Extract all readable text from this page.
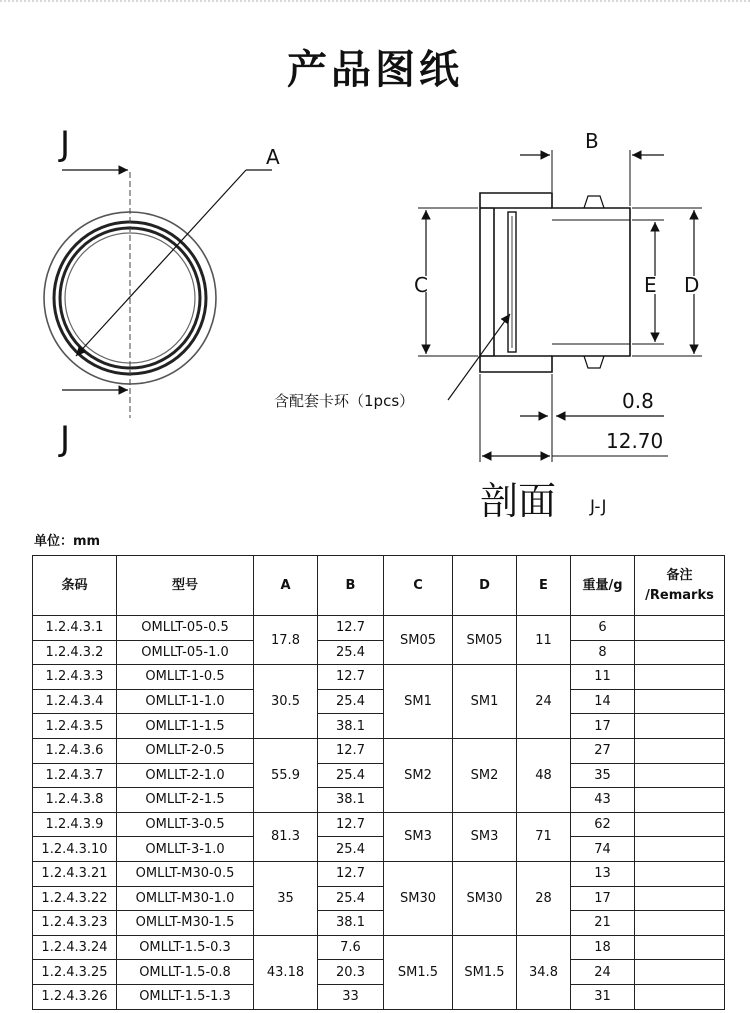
产品图纸
J
J
A
B
C	E D
含配套卡环（1pcs）	0.8
12.70
剖面 J-J
单位：mm
条码	型号	A	B	C	D	E	重量/g	备注
/Remarks
1.2.4.3.1	OMLLT-05-0.5	17.8	12.7	SM05	SM05	11	6	
1.2.4.3.2	OMLLT-05-1.0		25.4				8	
1.2.4.3.3	OMLLT-1-0.5	30.5	12.7	SM1	SM1	24	11	
1.2.4.3.4	OMLLT-1-1.0		25.4				14	
1.2.4.3.5	OMLLT-1-1.5		38.1				17	
1.2.4.3.6	OMLLT-2-0.5	55.9	12.7	SM2	SM2	48	27	
1.2.4.3.7	OMLLT-2-1.0		25.4				35	
1.2.4.3.8	OMLLT-2-1.5		38.1				43	
1.2.4.3.9	OMLLT-3-0.5	81.3	12.7	SM3	SM3	71	62	
1.2.4.3.10	OMLLT-3-1.0		25.4				74	
1.2.4.3.21	OMLLT-M30-0.5	35	12.7	SM30	SM30	28	13	
1.2.4.3.22	OMLLT-M30-1.0		25.4				17	
1.2.4.3.23	OMLLT-M30-1.5		38.1				21	
1.2.4.3.24	OMLLT-1.5-0.3	43.18	7.6	SM1.5	SM1.5	34.8	18	
1.2.4.3.25	OMLLT-1.5-0.8		20.3				24	
1.2.4.3.26	OMLLT-1.5-1.3		33				31	
